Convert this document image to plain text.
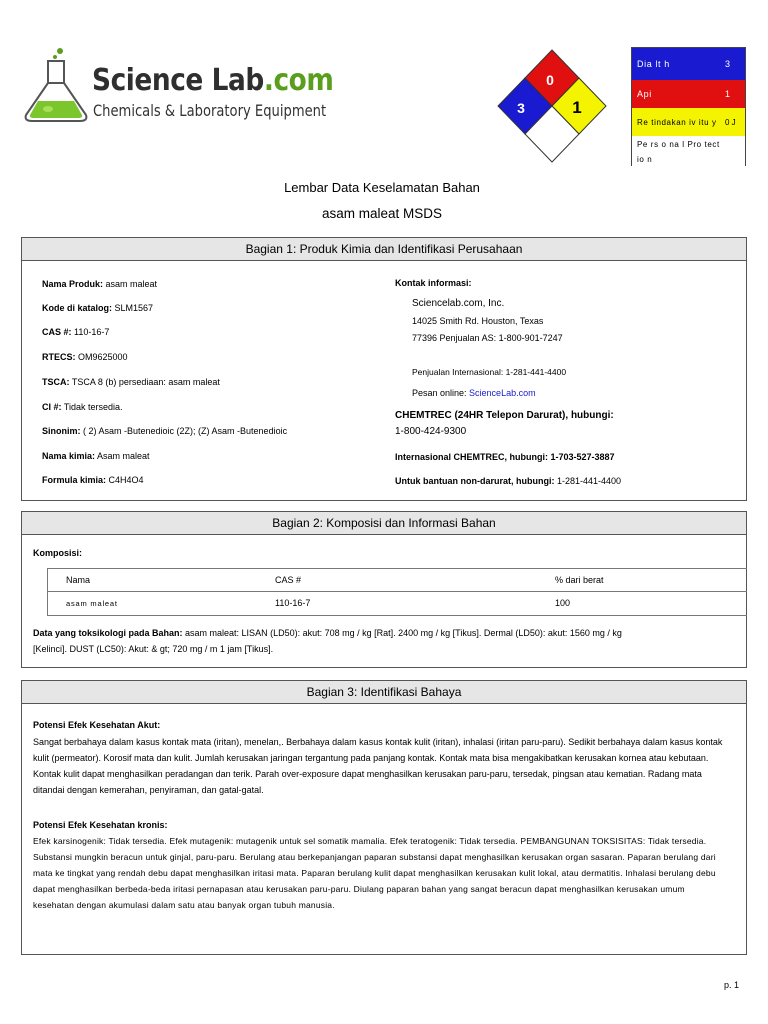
Science Lab.com
Chemicals & Laboratory Equipment
0
3	1
Dia lt h	3
Api	1
Re tindakan iv itu y	0 J
Pe rs o na l Pro tect
io n
Lembar Data Keselamatan Bahan
asam maleat MSDS
Bagian 1: Produk Kimia dan Identifikasi Perusahaan
Nama Produk: asam maleat
Kode di katalog: SLM1567
CAS #: 110-16-7
RTECS: OM9625000
TSCA: TSCA 8 (b) persediaan: asam maleat
CI #: Tidak tersedia.
Sinonim: ( 2) Asam -Butenedioic (2Z); (Z) Asam -Butenedioic
Nama kimia: Asam maleat
Formula kimia: C4H4O4
Kontak informasi:
Sciencelab.com, Inc.
14025 Smith Rd. Houston, Texas
77396 Penjualan AS: 1-800-901-7247
Penjualan Internasional: 1-281-441-4400
Pesan online: ScienceLab.com
CHEMTREC (24HR Telepon Darurat), hubungi:
1-800-424-9300
Internasional CHEMTREC, hubungi: 1-703-527-3887
Untuk bantuan non-darurat, hubungi: 1-281-441-4400
Bagian 2: Komposisi dan Informasi Bahan
Komposisi:
Nama	CAS #	% dari berat
asam maleat	110-16-7	100
Data yang toksikologi pada Bahan: asam maleat: LISAN (LD50): akut: 708 mg / kg [Rat]. 2400 mg / kg [Tikus]. Dermal (LD50): akut: 1560 mg / kg
[Kelinci]. DUST (LC50): Akut: & gt; 720 mg / m 1 jam [Tikus].
Bagian 3: Identifikasi Bahaya
Potensi Efek Kesehatan Akut:
Sangat berbahaya dalam kasus kontak mata (iritan), menelan,. Berbahaya dalam kasus kontak kulit (iritan), inhalasi (iritan paru-paru). Sedikit berbahaya dalam kasus kontak kulit (permeator). Korosif mata dan kulit. Jumlah kerusakan jaringan tergantung pada panjang kontak. Kontak mata bisa mengakibatkan kerusakan kornea atau kebutaan. Kontak kulit dapat menghasilkan peradangan dan terik. Parah over-exposure dapat menghasilkan kerusakan paru-paru, tersedak, pingsan atau kematian. Radang mata ditandai dengan kemerahan, penyiraman, dan gatal-gatal.
Potensi Efek Kesehatan kronis:
Efek karsinogenik: Tidak tersedia. Efek mutagenik: mutagenik untuk sel somatik mamalia. Efek teratogenik: Tidak tersedia. PEMBANGUNAN TOKSISITAS: Tidak tersedia. Substansi mungkin beracun untuk ginjal, paru-paru. Berulang atau berkepanjangan paparan substansi dapat menghasilkan kerusakan organ sasaran. Paparan berulang dari mata ke tingkat yang rendah debu dapat menghasilkan iritasi mata. Paparan berulang kulit dapat menghasilkan kerusakan kulit lokal, atau dermatitis. Inhalasi berulang debu dapat menghasilkan berbeda-beda iritasi pernapasan atau kerusakan paru-paru. Diulang paparan bahan yang sangat beracun dapat menghasilkan kerusakan umum kesehatan dengan akumulasi dalam satu atau banyak organ tubuh manusia.
p. 1
